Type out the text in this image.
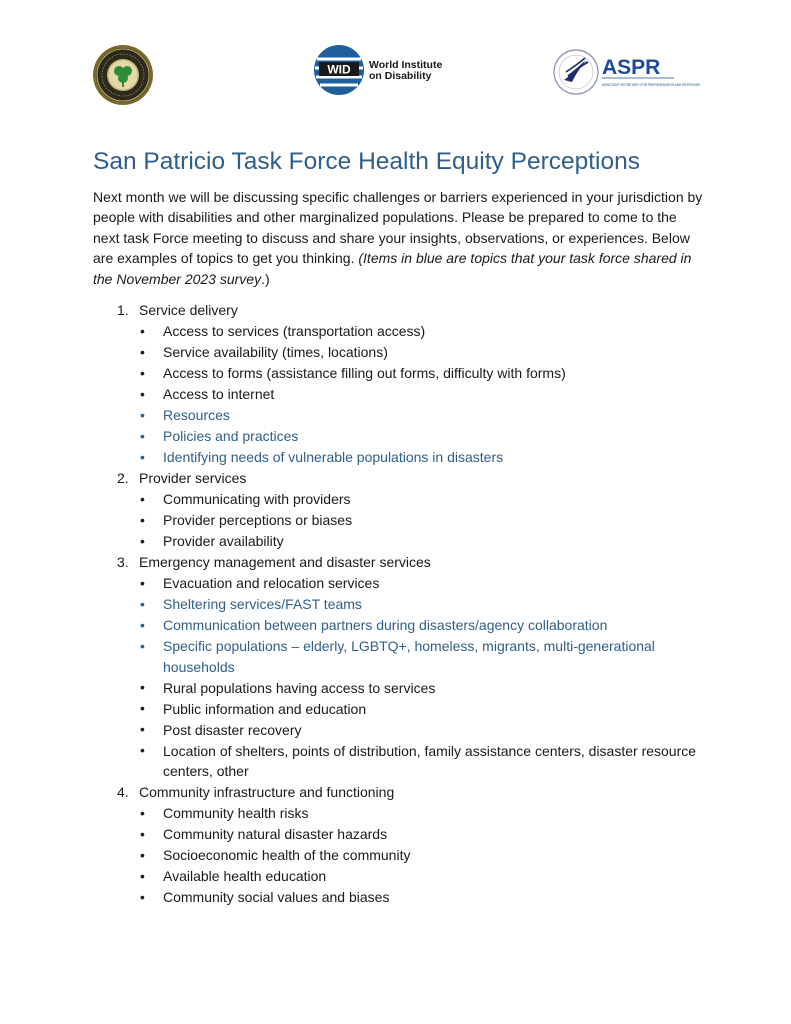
WID World Institute
on Disability	ASPR
ASSISTANT SECRETARY FOR PREPAREDNESS AND RESPONSE
San Patricio Task Force Health Equity Perceptions

Next month we will be discussing specific challenges or barriers experienced in your jurisdiction by people with disabilities and other marginalized populations. Please be prepared to come to the next task Force meeting to discuss and share your insights, observations, or experiences. Below are examples of topics to get you thinking. (Items in blue are topics that your task force shared in the November 2023 survey.)

1. Service delivery
• Access to services (transportation access)
• Service availability (times, locations)
• Access to forms (assistance filling out forms, difficulty with forms)
• Access to internet
• Resources
• Policies and practices
• Identifying needs of vulnerable populations in disasters
2. Provider services
• Communicating with providers
• Provider perceptions or biases
• Provider availability
3. Emergency management and disaster services
• Evacuation and relocation services
• Sheltering services/FAST teams
• Communication between partners during disasters/agency collaboration
• Specific populations – elderly, LGBTQ+, homeless, migrants, multi-generational households
• Rural populations having access to services
• Public information and education
• Post disaster recovery
• Location of shelters, points of distribution, family assistance centers, disaster resource centers, other
4. Community infrastructure and functioning
• Community health risks
• Community natural disaster hazards
• Socioeconomic health of the community
• Available health education
• Community social values and biases
